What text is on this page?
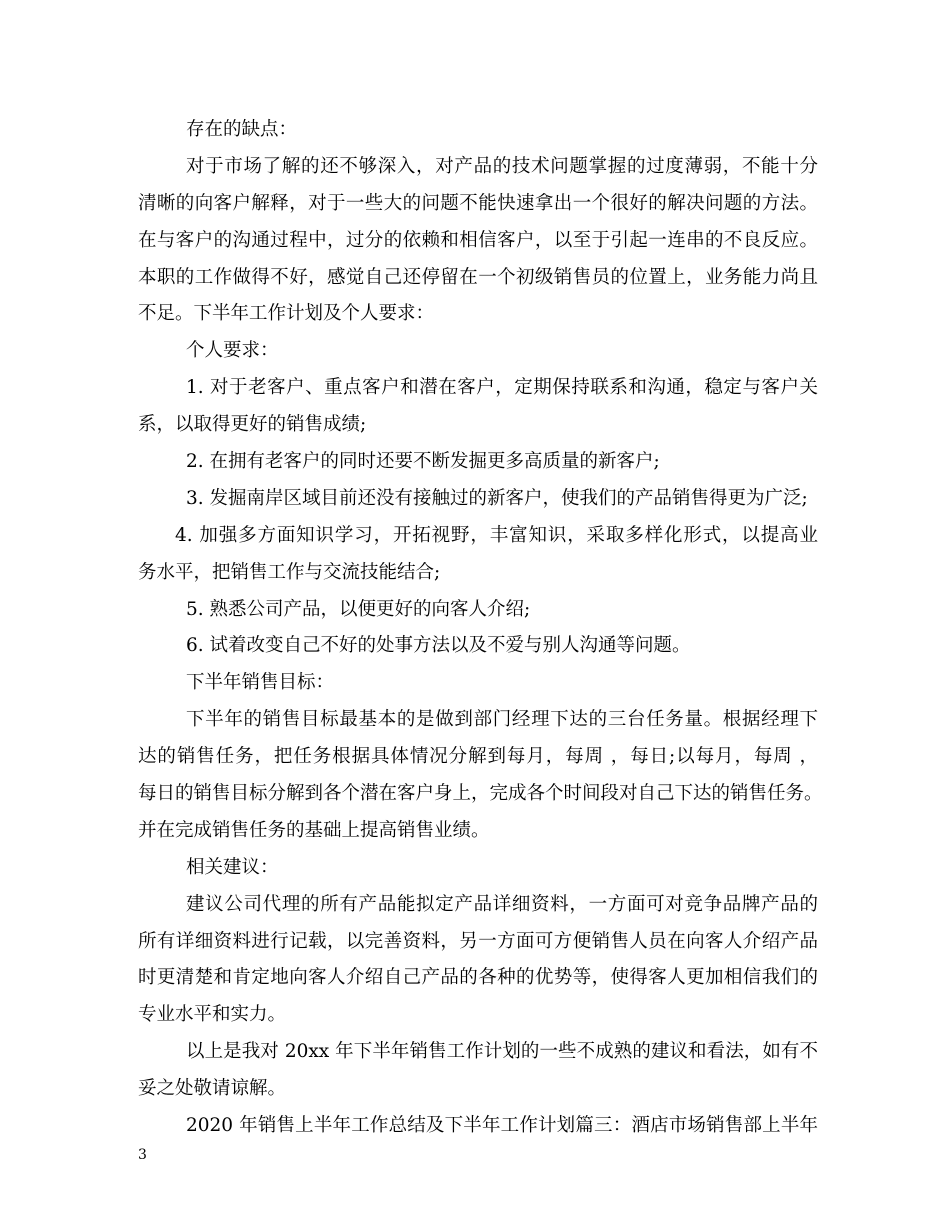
存在的缺点：
对于市场了解的还不够深入，对产品的技术问题掌握的过度薄弱，不能十分
清晰的向客户解释，对于一些大的问题不能快速拿出一个很好的解决问题的方法。
在与客户的沟通过程中，过分的依赖和相信客户，以至于引起一连串的不良反应。
本职的工作做得不好，感觉自己还停留在一个初级销售员的位置上，业务能力尚且
不足。下半年工作计划及个人要求：
个人要求：
1. 对于老客户、重点客户和潜在客户，定期保持联系和沟通，稳定与客户关
系，以取得更好的销售成绩;
2. 在拥有老客户的同时还要不断发掘更多高质量的新客户;
3. 发掘南岸区域目前还没有接触过的新客户，使我们的产品销售得更为广泛;
4. 加强多方面知识学习，开拓视野，丰富知识，采取多样化形式，以提高业
务水平，把销售工作与交流技能结合;
5. 熟悉公司产品，以便更好的向客人介绍;
6. 试着改变自己不好的处事方法以及不爱与别人沟通等问题。
下半年销售目标：
下半年的销售目标最基本的是做到部门经理下达的三台任务量。根据经理下
达的销售任务，把任务根据具体情况分解到每月，每周 ，每日;以每月，每周 ，
每日的销售目标分解到各个潜在客户身上，完成各个时间段对自己下达的销售任务。
并在完成销售任务的基础上提高销售业绩。
相关建议：
建议公司代理的所有产品能拟定产品详细资料，一方面可对竞争品牌产品的
所有详细资料进行记载，以完善资料，另一方面可方便销售人员在向客人介绍产品
时更清楚和肯定地向客人介绍自己产品的各种的优势等，使得客人更加相信我们的
专业水平和实力。
以上是我对 20xx 年下半年销售工作计划的一些不成熟的建议和看法，如有不
妥之处敬请谅解。
2020 年销售上半年工作总结及下半年工作计划篇三：酒店市场销售部上半年
3
